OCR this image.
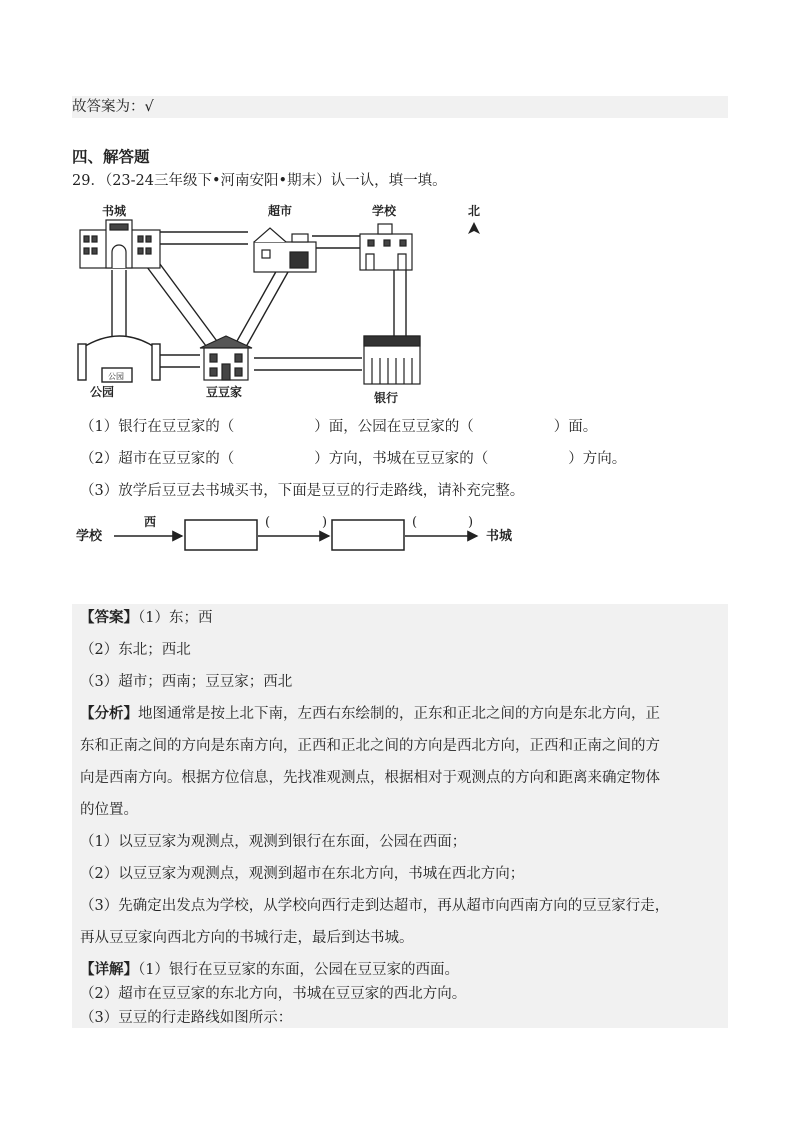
故答案为：√
四、解答题
29．（23-24三年级下•河南安阳•期末）认一认，填一填。
书城	超市	学校	北
公园	豆豆家	银行
公园
（1）银行在豆豆家的（	）面，公园在豆豆家的（	）面。
（2）超市在豆豆家的（	）方向，书城在豆豆家的（	）方向。
（3）放学后豆豆去书城买书，下面是豆豆的行走路线，请补充完整。
学校
西	(	)	(	)
书城
【答案】（1）东；西
（2）东北；西北
（3）超市；西南；豆豆家；西北
【分析】地图通常是按上北下南，左西右东绘制的，正东和正北之间的方向是东北方向，正
东和正南之间的方向是东南方向，正西和正北之间的方向是西北方向，正西和正南之间的方
向是西南方向。根据方位信息，先找准观测点，根据相对于观测点的方向和距离来确定物体
的位置。
（1）以豆豆家为观测点，观测到银行在东面，公园在西面；
（2）以豆豆家为观测点，观测到超市在东北方向，书城在西北方向；
（3）先确定出发点为学校，从学校向西行走到达超市，再从超市向西南方向的豆豆家行走，
再从豆豆家向西北方向的书城行走，最后到达书城。
【详解】（1）银行在豆豆家的东面，公园在豆豆家的西面。
（2）超市在豆豆家的东北方向，书城在豆豆家的西北方向。
（3）豆豆的行走路线如图所示：
